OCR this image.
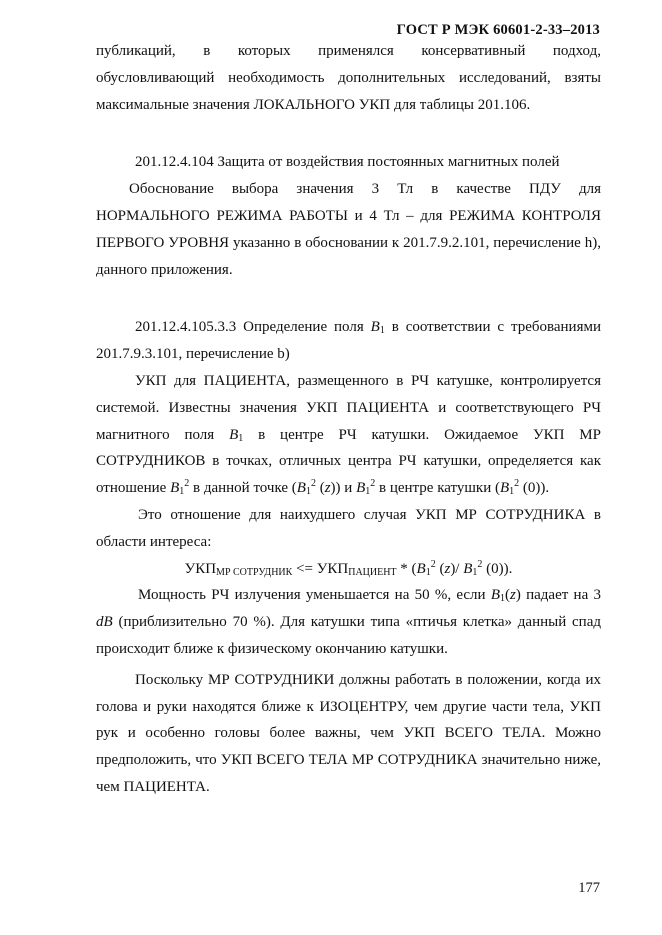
ГОСТ Р МЭК 60601-2-33–2013

публикаций, в которых применялся консервативный подход,

обусловливающий необходимость дополнительных исследований, взяты

максимальные значения ЛОКАЛЬНОГО УКП для таблицы 201.106.

201.12.4.104 Защита от воздействия постоянных магнитных полей

Обоснование выбора значения 3 Тл в качестве ПДУ для НОРМАЛЬНОГО РЕЖИМА РАБОТЫ и 4 Тл – для РЕЖИМА КОНТРОЛЯ ПЕРВОГО УРОВНЯ указанно в обосновании к 201.7.9.2.101, перечисление h), данного приложения.

201.12.4.105.3.3 Определение поля $B_1$ в соответствии с требованиями 201.7.9.3.101, перечисление b)

УКП для ПАЦИЕНТА, размещенного в РЧ катушке, контролируется системой. Известны значения УКП ПАЦИЕНТА и соответствующего РЧ магнитного поля $B_1$ в центре РЧ катушки. Ожидаемое УКП МР СОТРУДНИКОВ в точках, отличных центра РЧ катушки, определяется как отношение $B_1^2$ в данной точке ($B_1^2$ (z)) и $B_1^2$ в центре катушки ($B_1^2$ (0)).

Это отношение для наихудшего случая УКП МР СОТРУДНИКА в области интереса:

$УКП_{МР СОТРУДНИК} <= УКП_{ПАЦИЕНТ} * (B_1^2$ (z)/ $B_1^2$ (0)).

Мощность РЧ излучения уменьшается на 50 %, если $B_1(z)$ падает на 3 dB (приблизительно 70 %). Для катушки типа «птичья клетка» данный спад происходит ближе к физическому окончанию катушки.

Поскольку МР СОТРУДНИКИ должны работать в положении, когда их голова и руки находятся ближе к ИЗОЦЕНТРУ, чем другие части тела, УКП рук и особенно головы более важны, чем УКП ВСЕГО ТЕЛА. Можно предположить, что УКП ВСЕГО ТЕЛА МР СОТРУДНИКА значительно ниже, чем ПАЦИЕНТА.

177
